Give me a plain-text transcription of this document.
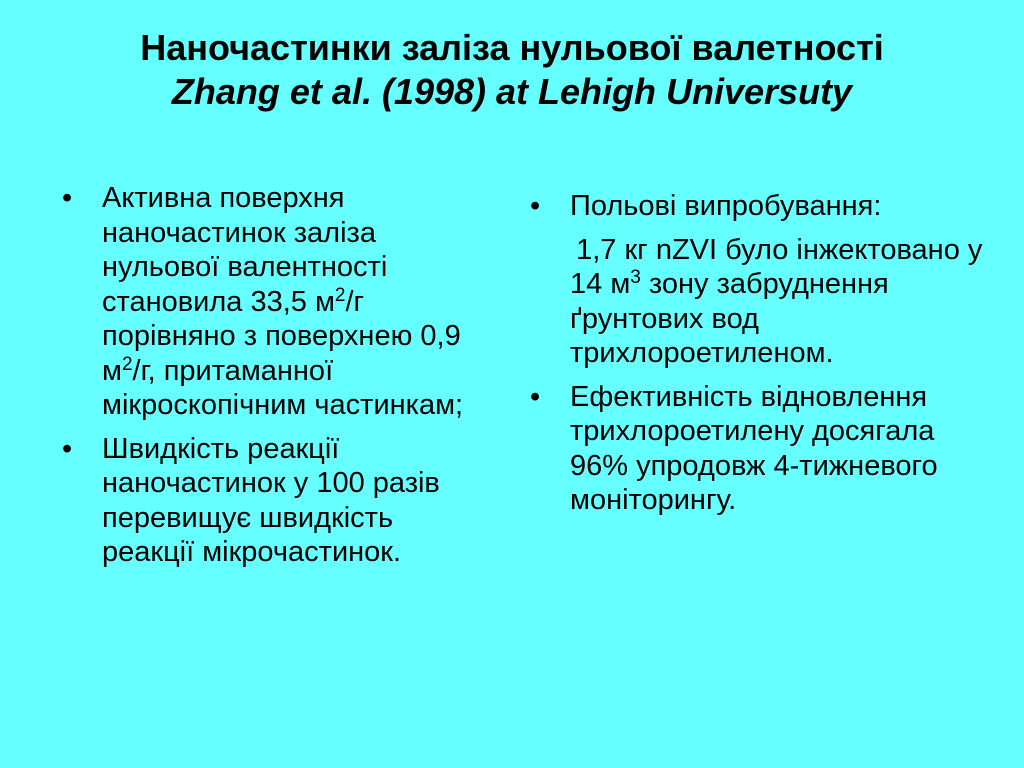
Наночастинки заліза нульової валетності
Zhang et al. (1998) at Lehigh Universuty
•	Активна поверхня наночастинок заліза нульової валентності становила 33,5 $м^2/г$ порівняно з поверхнею 0,9 $м^2/г$, притаманної мікроскопічним частинкам;
•	Швидкість реакції наночастинок у 100 разів перевищує швидкість реакції мікрочастинок.
•	Польові випробування:
1,7 кг nZVI було інжектовано у 14 $м^3$ зону забруднення ґрунтових вод трихлороетиленом.
•	Ефективність відновлення трихлороетилену досягала 96% упродовж 4-тижневого моніторингу.
